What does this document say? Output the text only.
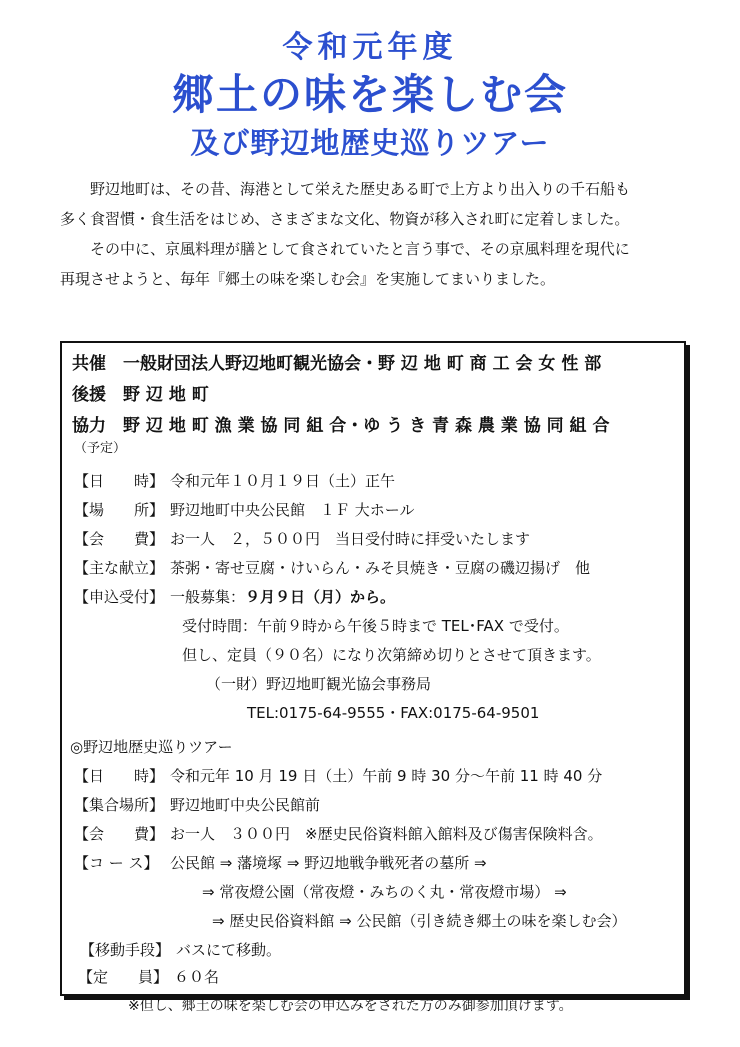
令和元年度
郷土の味を楽しむ会
及び野辺地歴史巡りツアー
野辺地町は、その昔、海港として栄えた歴史ある町で上方より出入りの千石船も
多く食習慣・食生活をはじめ、さまざまな文化、物資が移入され町に定着しました。
その中に、京風料理が膳として食されていたと言う事で、その京風料理を現代に
再現させようと、毎年『郷土の味を楽しむ会』を実施してまいりました。
共催　一般財団法人野辺地町観光協会・野 辺 地 町 商 工 会 女 性 部
後援　野 辺 地 町
協力　野 辺 地 町 漁 業 協 同 組 合・ゆ う き 青 森 農 業 協 同 組 合
（予定）
【日　　時】 令和元年１０月１９日（土）正午
【場　　所】 野辺地町中央公民館　１Ｆ 大ホール
【会　　費】 お一人　２，５００円　当日受付時に拝受いたします
【主な献立】 茶粥・寄せ豆腐・けいらん・みそ貝焼き・豆腐の磯辺揚げ　他
【申込受付】 一般募集：９月９日（月）から。
受付時間：午前９時から午後５時まで TEL･FAX で受付。
但し、定員（９０名）になり次第締め切りとさせて頂きます。
（一財）野辺地町観光協会事務局
TEL:0175-64-9555・FAX:0175-64-9501
◎野辺地歴史巡りツアー
【日　　時】 令和元年 10 月 19 日（土）午前 9 時 30 分～午前 11 時 40 分
【集合場所】 野辺地町中央公民館前
【会　　費】 お一人　３００円　※歴史民俗資料館入館料及び傷害保険料含。
【コ ー ス】 公民館 ⇒ 藩境塚 ⇒ 野辺地戦争戦死者の墓所 ⇒
⇒ 常夜燈公園（常夜燈・みちのく丸・常夜燈市場） ⇒
⇒ 歴史民俗資料館 ⇒ 公民館（引き続き郷土の味を楽しむ会）
【移動手段】 バスにて移動。
【定　　員】 ６０名
※但し、郷土の味を楽しむ会の申込みをされた方のみ御参加頂けます。
